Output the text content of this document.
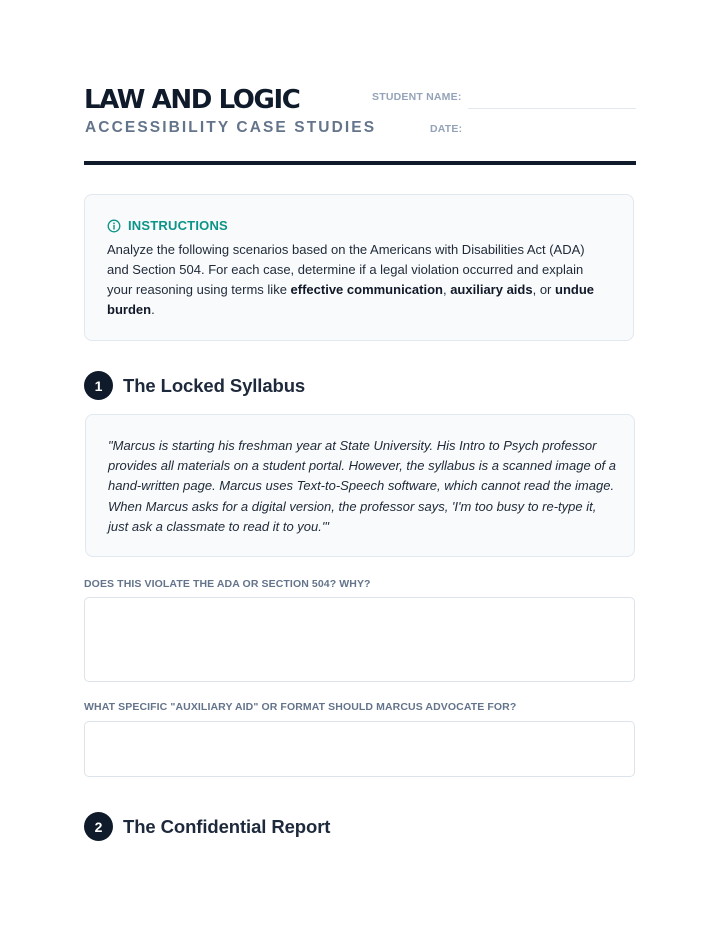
LAW AND LOGIC
ACCESSIBILITY CASE STUDIES
STUDENT NAME:
DATE:
INSTRUCTIONS
Analyze the following scenarios based on the Americans with Disabilities Act (ADA) and Section 504. For each case, determine if a legal violation occurred and explain your reasoning using terms like effective communication, auxiliary aids, or undue burden.
1	The Locked Syllabus
"Marcus is starting his freshman year at State University. His Intro to Psych professor provides all materials on a student portal. However, the syllabus is a scanned image of a hand-written page. Marcus uses Text-to-Speech software, which cannot read the image. When Marcus asks for a digital version, the professor says, 'I'm too busy to re-type it, just ask a classmate to read it to you.'"
DOES THIS VIOLATE THE ADA OR SECTION 504? WHY?
WHAT SPECIFIC "AUXILIARY AID" OR FORMAT SHOULD MARCUS ADVOCATE FOR?
2	The Confidential Report
